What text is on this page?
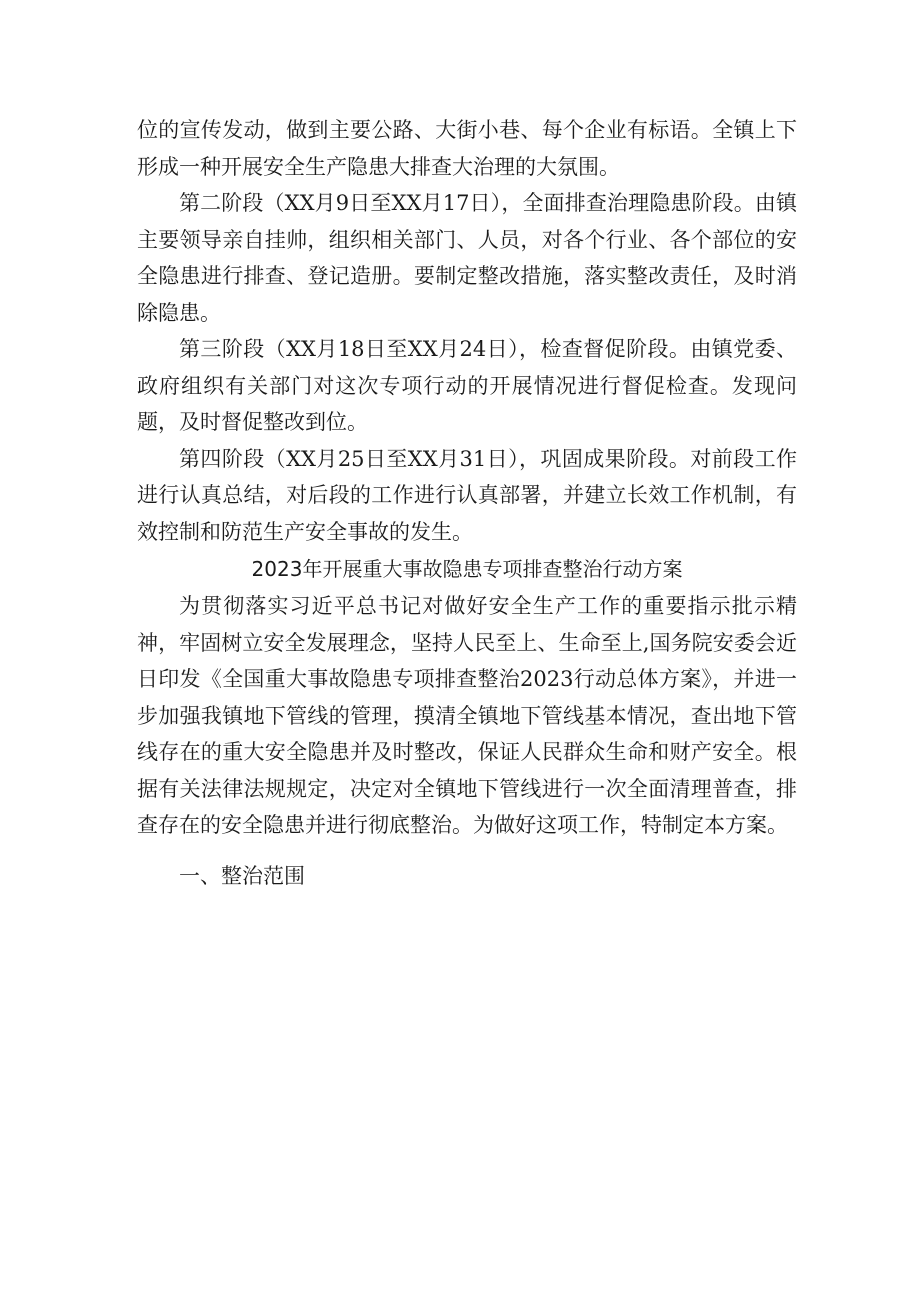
位的宣传发动，做到主要公路、大街小巷、每个企业有标语。全镇上下形成一种开展安全生产隐患大排查大治理的大氛围。

第二阶段（XX月9日至XX月17日），全面排查治理隐患阶段。由镇主要领导亲自挂帅，组织相关部门、人员，对各个行业、各个部位的安全隐患进行排查、登记造册。要制定整改措施，落实整改责任，及时消除隐患。

第三阶段（XX月18日至XX月24日），检查督促阶段。由镇党委、政府组织有关部门对这次专项行动的开展情况进行督促检查。发现问题，及时督促整改到位。

第四阶段（XX月25日至XX月31日），巩固成果阶段。对前段工作进行认真总结，对后段的工作进行认真部署，并建立长效工作机制，有效控制和防范生产安全事故的发生。

2023年开展重大事故隐患专项排查整治行动方案

为贯彻落实习近平总书记对做好安全生产工作的重要指示批示精神，牢固树立安全发展理念，坚持人民至上、生命至上,国务院安委会近日印发《全国重大事故隐患专项排查整治2023行动总体方案》，并进一步加强我镇地下管线的管理，摸清全镇地下管线基本情况，查出地下管线存在的重大安全隐患并及时整改，保证人民群众生命和财产安全。根据有关法律法规规定，决定对全镇地下管线进行一次全面清理普查，排查存在的安全隐患并进行彻底整治。为做好这项工作，特制定本方案。

一、整治范围
